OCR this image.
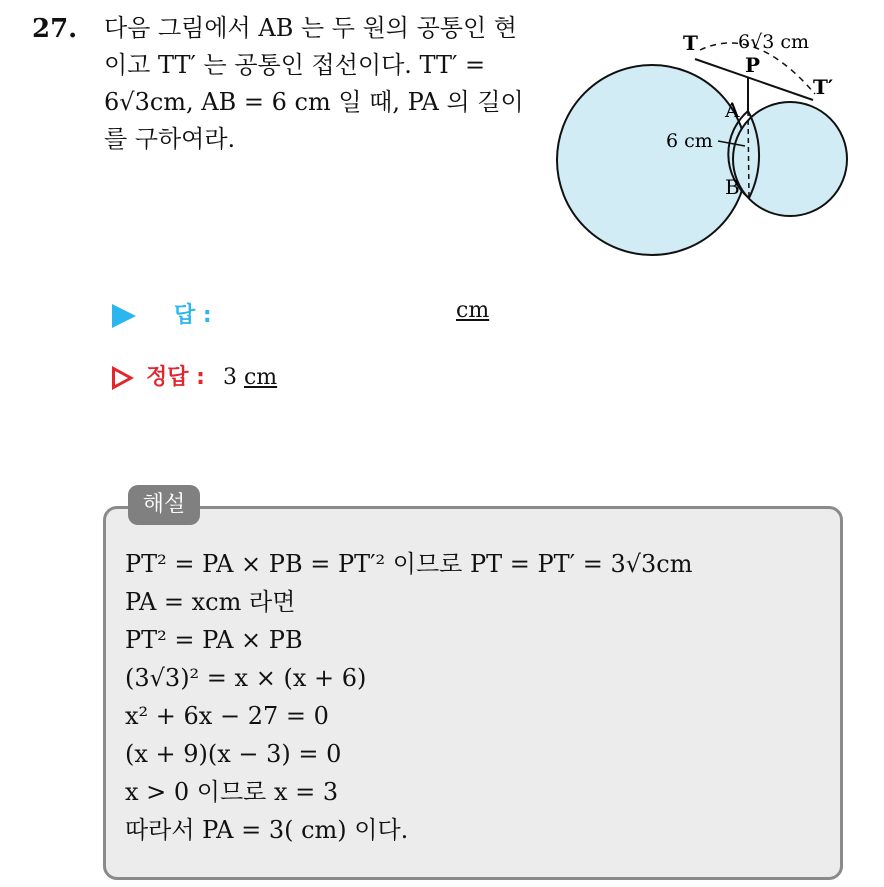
27. 다음 그림에서 AB 는 두 원의 공통인 현
이고 TT′ 는 공통인 접선이다. TT′ =
6√3cm, AB = 6 cm 일 때, PA 의 길이
를 구하여라.
T
P
T′
A
B
6√3 cm
6 cm
답 :	cm
정답 : 3 cm
해설
PT² = PA × PB = PT′² 이므로 PT = PT′ = 3√3cm
PA = xcm 라면
PT² = PA × PB
(3√3)² = x × (x + 6)
x² + 6x − 27 = 0
(x + 9)(x − 3) = 0
x > 0 이므로 x = 3
따라서 PA = 3( cm) 이다.
